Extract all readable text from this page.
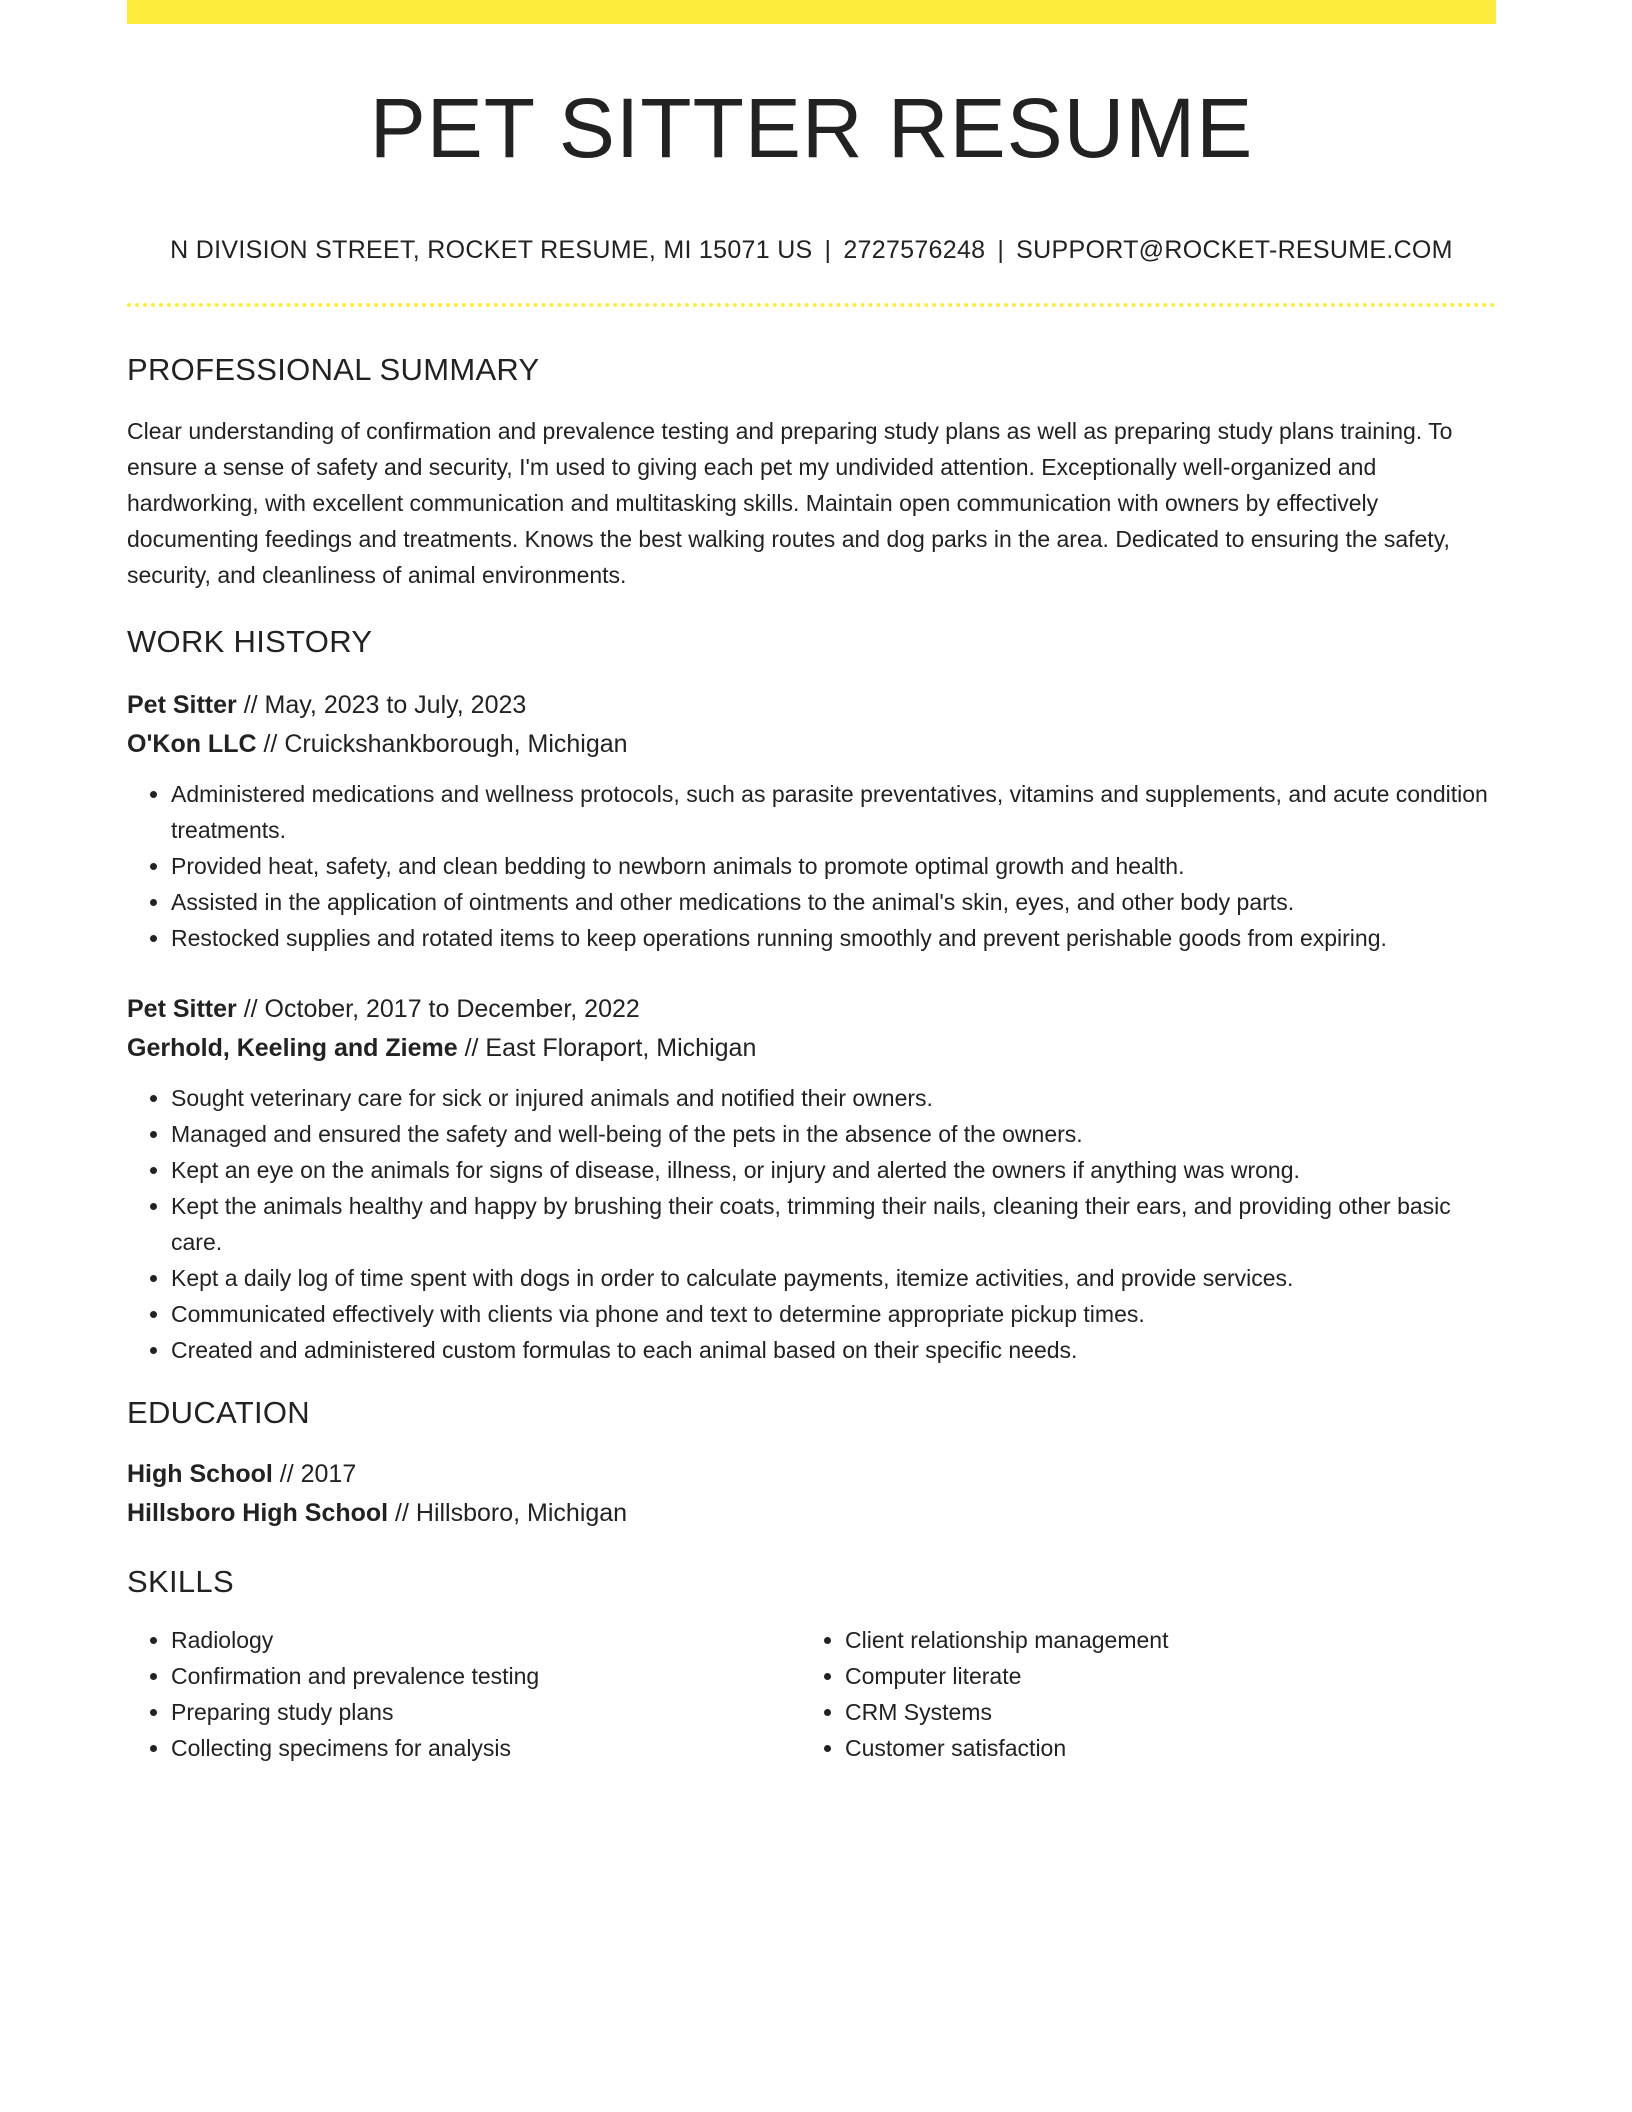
PET SITTER RESUME
N DIVISION STREET, ROCKET RESUME, MI 15071 US | 2727576248 | SUPPORT@ROCKET-RESUME.COM
PROFESSIONAL SUMMARY
Clear understanding of confirmation and prevalence testing and preparing study plans as well as preparing study plans training. To ensure a sense of safety and security, I'm used to giving each pet my undivided attention. Exceptionally well-organized and hardworking, with excellent communication and multitasking skills. Maintain open communication with owners by effectively documenting feedings and treatments. Knows the best walking routes and dog parks in the area. Dedicated to ensuring the safety, security, and cleanliness of animal environments.
WORK HISTORY
Pet Sitter // May, 2023 to July, 2023
O'Kon LLC // Cruickshankborough, Michigan
• Administered medications and wellness protocols, such as parasite preventatives, vitamins and supplements, and acute condition treatments.
• Provided heat, safety, and clean bedding to newborn animals to promote optimal growth and health.
• Assisted in the application of ointments and other medications to the animal's skin, eyes, and other body parts.
• Restocked supplies and rotated items to keep operations running smoothly and prevent perishable goods from expiring.
Pet Sitter // October, 2017 to December, 2022
Gerhold, Keeling and Zieme // East Floraport, Michigan
• Sought veterinary care for sick or injured animals and notified their owners.
• Managed and ensured the safety and well-being of the pets in the absence of the owners.
• Kept an eye on the animals for signs of disease, illness, or injury and alerted the owners if anything was wrong.
• Kept the animals healthy and happy by brushing their coats, trimming their nails, cleaning their ears, and providing other basic care.
• Kept a daily log of time spent with dogs in order to calculate payments, itemize activities, and provide services.
• Communicated effectively with clients via phone and text to determine appropriate pickup times.
• Created and administered custom formulas to each animal based on their specific needs.
EDUCATION
High School // 2017
Hillsboro High School // Hillsboro, Michigan
SKILLS
• Radiology
• Confirmation and prevalence testing
• Preparing study plans
• Collecting specimens for analysis
• Client relationship management
• Computer literate
• CRM Systems
• Customer satisfaction
